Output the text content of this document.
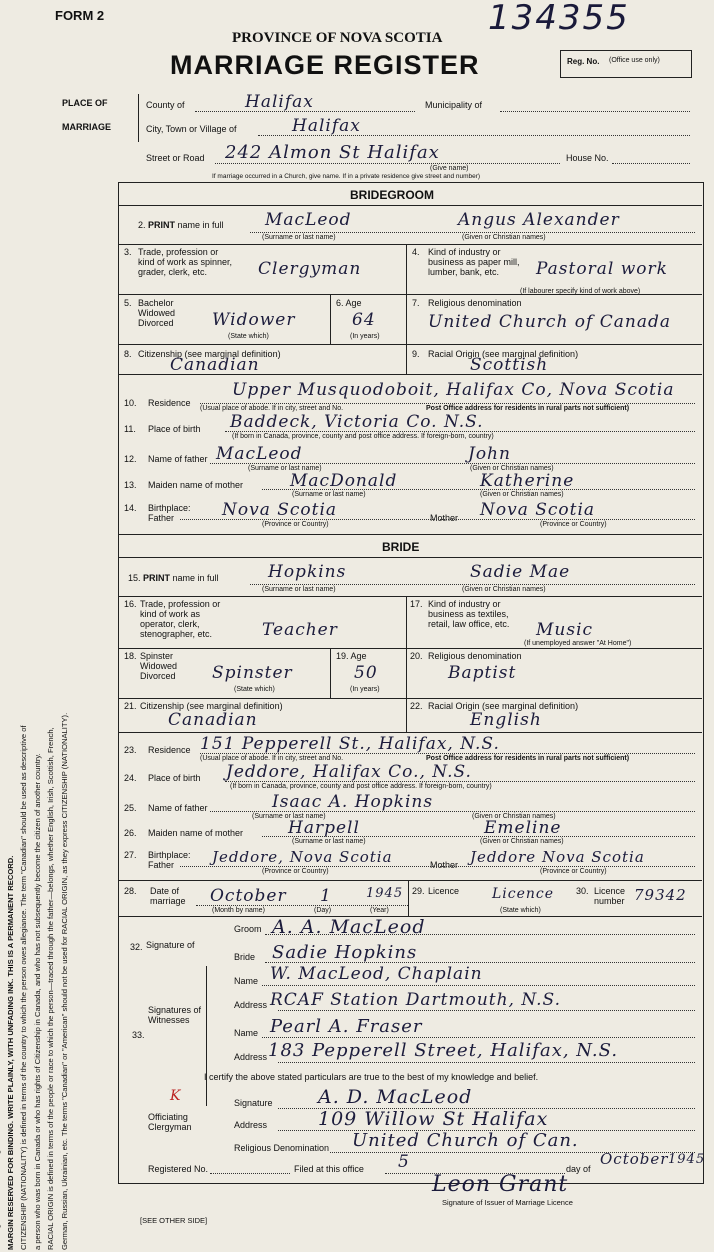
FORM 2	134355
PROVINCE OF NOVA SCOTIA
MARRIAGE REGISTER	Reg. No. (Office use only)
PLACE OF
MARRIAGE
County of	Halifax	Municipality of
City, Town or Village of	Halifax
Street or Road 242 Almon St Halifax
(Give name)
House No.
If marriage occurred in a Church, give name. If in a private residence give street and number)
MARGIN RESERVED FOR BINDING. WRITE PLAINLY, WITH UNFADING INK. THIS IS A PERMANENT RECORD. CITIZENSHIP (NATIONALITY) is defined in terms of the country to which the person owes allegiance. The term "Canadian" should be used as descriptive of a person who was born in Canada or who has rights of Citizenship in Canada, and who has not subsequently become the citizen of another country. RACIAL ORIGIN is defined in terms of the people or race to which the person—traced through the father—belongs, whether English, Irish, Scottish, French, German, Russian, Ukrainian, etc. The terms "Canadian" or "American" should not be used for RACIAL ORIGIN, as they express CITIZENSHIP (NATIONALITY).
BRIDEGROOM
2. PRINT name in full MacLeod	Angus Alexander
(Surname or last name)	(Given or Christian names)
3. Trade, profession or kind of work as spinner, grader, clerk, etc.	Clergyman
4. Kind of industry or business as paper mill, lumber, bank, etc.	Pastoral work
(If labourer specify kind of work above)
5. Bachelor Widowed Divorced	Widower
(State which)
6. Age
64
(In years)
7. Religious denomination
United Church of Canada
8. Citizenship (see marginal definition)
Canadian
9. Racial Origin (see marginal definition)
Scottish
10. Residence
Upper Musquodoboit, Halifax Co, Nova Scotia
(Usual place of abode. If in city, street and No.	Post Office address for residents in rural parts not sufficient)
11. Place of birth Baddeck, Victoria Co. N.S.
(If born in Canada, province, county and post office address. If foreign-born, country)
12. Name of father MacLeod	John
(Surname or last name)	(Given or Christian names)
13. Maiden name of mother	MacDonald	Katherine
(Surname or last name)	(Given or Christian names)
14. Birthplace:
Father	Nova Scotia	Mother Nova Scotia
(Province or Country)	(Province or Country)
BRIDE
15. PRINT name in full	Hopkins	Sadie Mae
(Surname or last name)	(Given or Christian names)
16. Trade, profession or kind of work as operator, clerk, stenographer, etc.	Teacher
17. Kind of industry or business as textiles, retail, law office, etc.	Music
(If unemployed answer "At Home")
18. Spinster Widowed Divorced	Spinster
(State which)
19. Age
50
(In years)
20. Religious denomination
Baptist
21. Citizenship (see marginal definition)
Canadian
22. Racial Origin (see marginal definition)
English
23. Residence 151 Pepperell St., Halifax, N.S.
(Usual place of abode. If in city, street and No.	Post Office address for residents in rural parts not sufficient)
24. Place of birth Jeddore, Halifax Co., N.S.
(If born in Canada, province, county and post office address. If foreign-born, country)
25. Name of father	Isaac A. Hopkins
(Surname or last name)	(Given or Christian names)
26. Maiden name of mother	Harpell	Emeline
(Surname or last name)	(Given or Christian names)
27. Birthplace:
Father	Jeddore, Nova Scotia	Mother Jeddore Nova Scotia
(Province or Country)	(Province or Country)
28. Date of marriage October 1	1945
(Month by name)	(Day)	(Year)
29. Licence Licence
(State which)
30. Licence number 79342
32. Signature of
Groom A. A. MacLeod
Bride Sadie Hopkins
33.
Signatures of Witnesses
Name W. MacLeod, Chaplain
Address RCAF Station Dartmouth, N.S.
Name Pearl A. Fraser
Address 183 Pepperell Street, Halifax, N.S.
I certify the above stated particulars are true to the best of my knowledge and belief.
K
Officiating Clergyman
Signature A. D. MacLeod
Address	109 Willow St Halifax
Religious Denomination United Church of Can.
Registered No.	Filed at this office 5	day of
October 1945
Leon Grant
Signature of Issuer of Marriage Licence
[SEE OTHER SIDE]
